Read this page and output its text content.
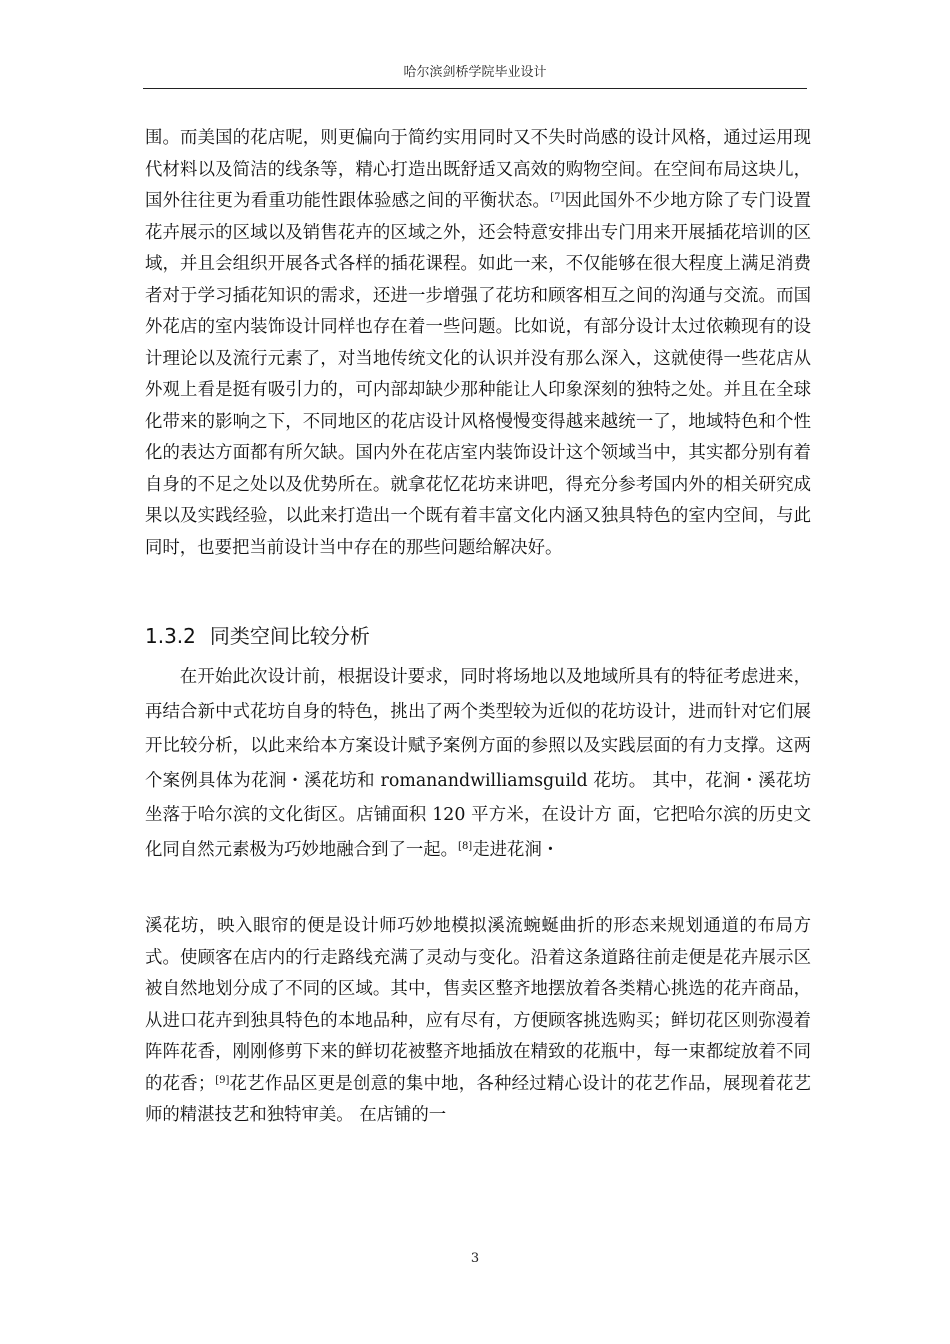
哈尔滨剑桥学院毕业设计

围。而美国的花店呢，则更偏向于简约实用同时又不失时尚感的设计风格，通过运用现代材料以及简洁的线条等，精心打造出既舒适又高效的购物空间。在空间布局这块儿，国外往往更为看重功能性跟体验感之间的平衡状态。[7]因此国外不少地方除了专门设置花卉展示的区域以及销售花卉的区域之外，还会特意安排出专门用来开展插花培训的区域，并且会组织开展各式各样的插花课程。如此一来，不仅能够在很大程度上满足消费者对于学习插花知识的需求，还进一步增强了花坊和顾客相互之间的沟通与交流。而国外花店的室内装饰设计同样也存在着一些问题。比如说，有部分设计太过依赖现有的设计理论以及流行元素了，对当地传统文化的认识并没有那么深入，这就使得一些花店从外观上看是挺有吸引力的，可内部却缺少那种能让人印象深刻的独特之处。并且在全球化带来的影响之下，不同地区的花店设计风格慢慢变得越来越统一了，地域特色和个性化的表达方面都有所欠缺。国内外在花店室内装饰设计这个领域当中，其实都分别有着自身的不足之处以及优势所在。就拿花忆花坊来讲吧，得充分参考国内外的相关研究成果以及实践经验，以此来打造出一个既有着丰富文化内涵又独具特色的室内空间，与此同时，也要把当前设计当中存在的那些问题给解决好。

1.3.2 同类空间比较分析

在开始此次设计前，根据设计要求，同时将场地以及地域所具有的特征考虑进来，再结合新中式花坊自身的特色，挑出了两个类型较为近似的花坊设计，进而针对它们展开比较分析，以此来给本方案设计赋予案例方面的参照以及实践层面的有力支撑。这两个案例具体为花涧・溪花坊和 romanandwilliamsguild 花坊。 其中，花涧・溪花坊坐落于哈尔滨的文化街区。店铺面积 120 平方米，在设计方 面，它把哈尔滨的历史文化同自然元素极为巧妙地融合到了一起。[8]走进花涧・

溪花坊，映入眼帘的便是设计师巧妙地模拟溪流蜿蜒曲折的形态来规划通道的布局方式。使顾客在店内的行走路线充满了灵动与变化。沿着这条道路往前走便是花卉展示区被自然地划分成了不同的区域。其中，售卖区整齐地摆放着各类精心挑选的花卉商品，从进口花卉到独具特色的本地品种，应有尽有，方便顾客挑选购买；鲜切花区则弥漫着阵阵花香，刚刚修剪下来的鲜切花被整齐地插放在精致的花瓶中，每一束都绽放着不同的花香；[9]花艺作品区更是创意的集中地，各种经过精心设计的花艺作品，展现着花艺师的精湛技艺和独特审美。 在店铺的一

3
